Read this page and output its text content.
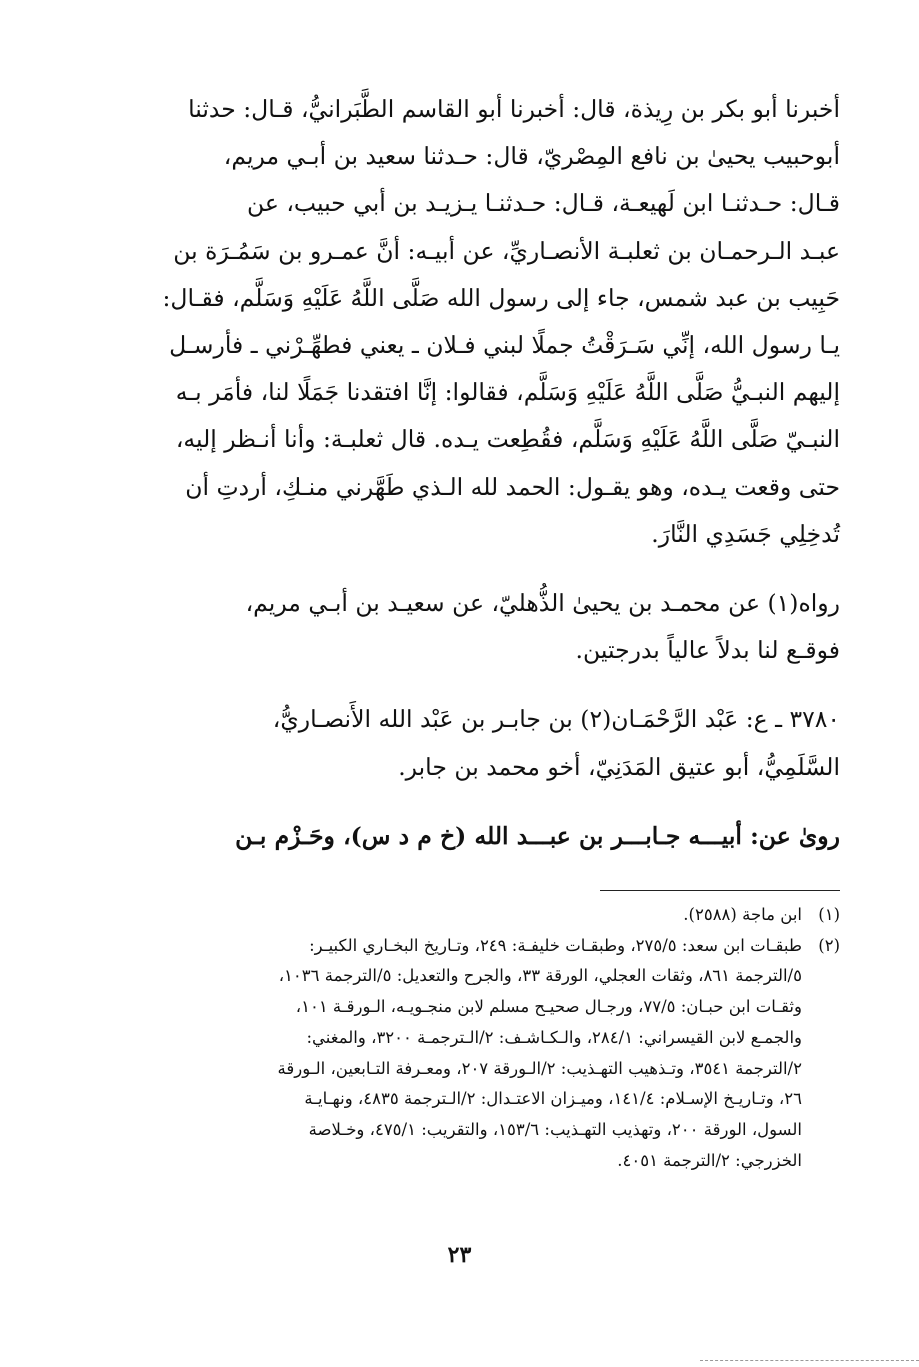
أخبرنا أبو بكر بن رِيذة، قال: أخبرنا أبو القاسم الطَّبَرانيُّ، قـال: حدثنا
أبوحبيب يحيىٰ بن نافع المِصْريّ، قال: حـدثنا سعيد بن أبـي مريم،
قـال: حـدثنـا ابن لَهيعـة، قـال: حـدثنـا يـزيـد بن أبي حبيب، عن
عبـد الـرحمـان بن ثعلبـة الأنصـاريِّ، عن أبيـه: أنَّ عمـرو بن سَمُـرَة بن
حَبِيب بن عبد شمس، جاء إلى رسول الله صَلَّى اللَّهُ عَلَيْهِ وَسَلَّم، فقـال:
يـا رسول الله، إنِّي سَـرَقْتُ جملًا لبني فـلان ـ يعني فطهِّـرْني ـ فأرسـل
إليهم النبـيُّ صَلَّى اللَّهُ عَلَيْهِ وَسَلَّم، فقالوا: إنَّا افتقدنا جَمَلًا لنا، فأمَر بـه
النبـيّ صَلَّى اللَّهُ عَلَيْهِ وَسَلَّم، فقُطِعت يـده. قال ثعلبـة: وأنا أنـظر إليه،
حتى وقعت يـده، وهو يقـول: الحمد لله الـذي طَهَّرني منـكِ، أردتِ أن
تُدخِلِي جَسَدِي النَّارَ.

رواه(١) عن محمـد بن يحيىٰ الذُّهليّ، عن سعيـد بن أبـي مريم،
فوقـع لنا بدلاً عالياً بدرجتين.

٣٧٨٠ ـ ع: عَبْد الرَّحْمَـان(٢) بن جابـر بن عَبْد الله الأَنصـاريُّ،
السَّلَمِيُّ، أبو عتيق المَدَنِيّ، أخو محمد بن جابر.

رویٰ عن: أبيـــه جـابـــر بن عبـــد الله (خ م د س)، وحَـزْم بـن

(١)
ابن ماجة (٢٥٨٨).
(٢)
طبقـات ابن سعد: ٢٧٥/٥، وطبقـات خليفـة: ٢٤٩، وتـاريخ البخـاري الكبيـر:
٥/الترجمة ٨٦١، وثقات العجلي، الورقة ٣٣، والجرح والتعديل: ٥/الترجمة ١٠٣٦،
وثقـات ابن حبـان: ٧٧/٥، ورجـال صحيـح مسلم لابن منجـويـه، الـورقـة ١٠١،
والجمـع لابن القيسراني: ٢٨٤/١، والـكـاشـف: ٢/الـترجمـة ٣٢٠٠، والمغني:
٢/الترجمة ٣٥٤١، وتـذهيب التهـذيب: ٢/الـورقة ٢٠٧، ومعـرفة التـابعين، الـورقة
٢٦، وتـاريـخ الإسـلام: ١٤١/٤، وميـزان الاعتـدال: ٢/الـترجمة ٤٨٣٥، ونهـايـة
السول، الورقة ٢٠٠، وتهذيب التهـذيب: ١٥٣/٦، والتقريب: ٤٧٥/١، وخـلاصة
الخزرجي: ٢/الترجمة ٤٠٥١.
٢٣
